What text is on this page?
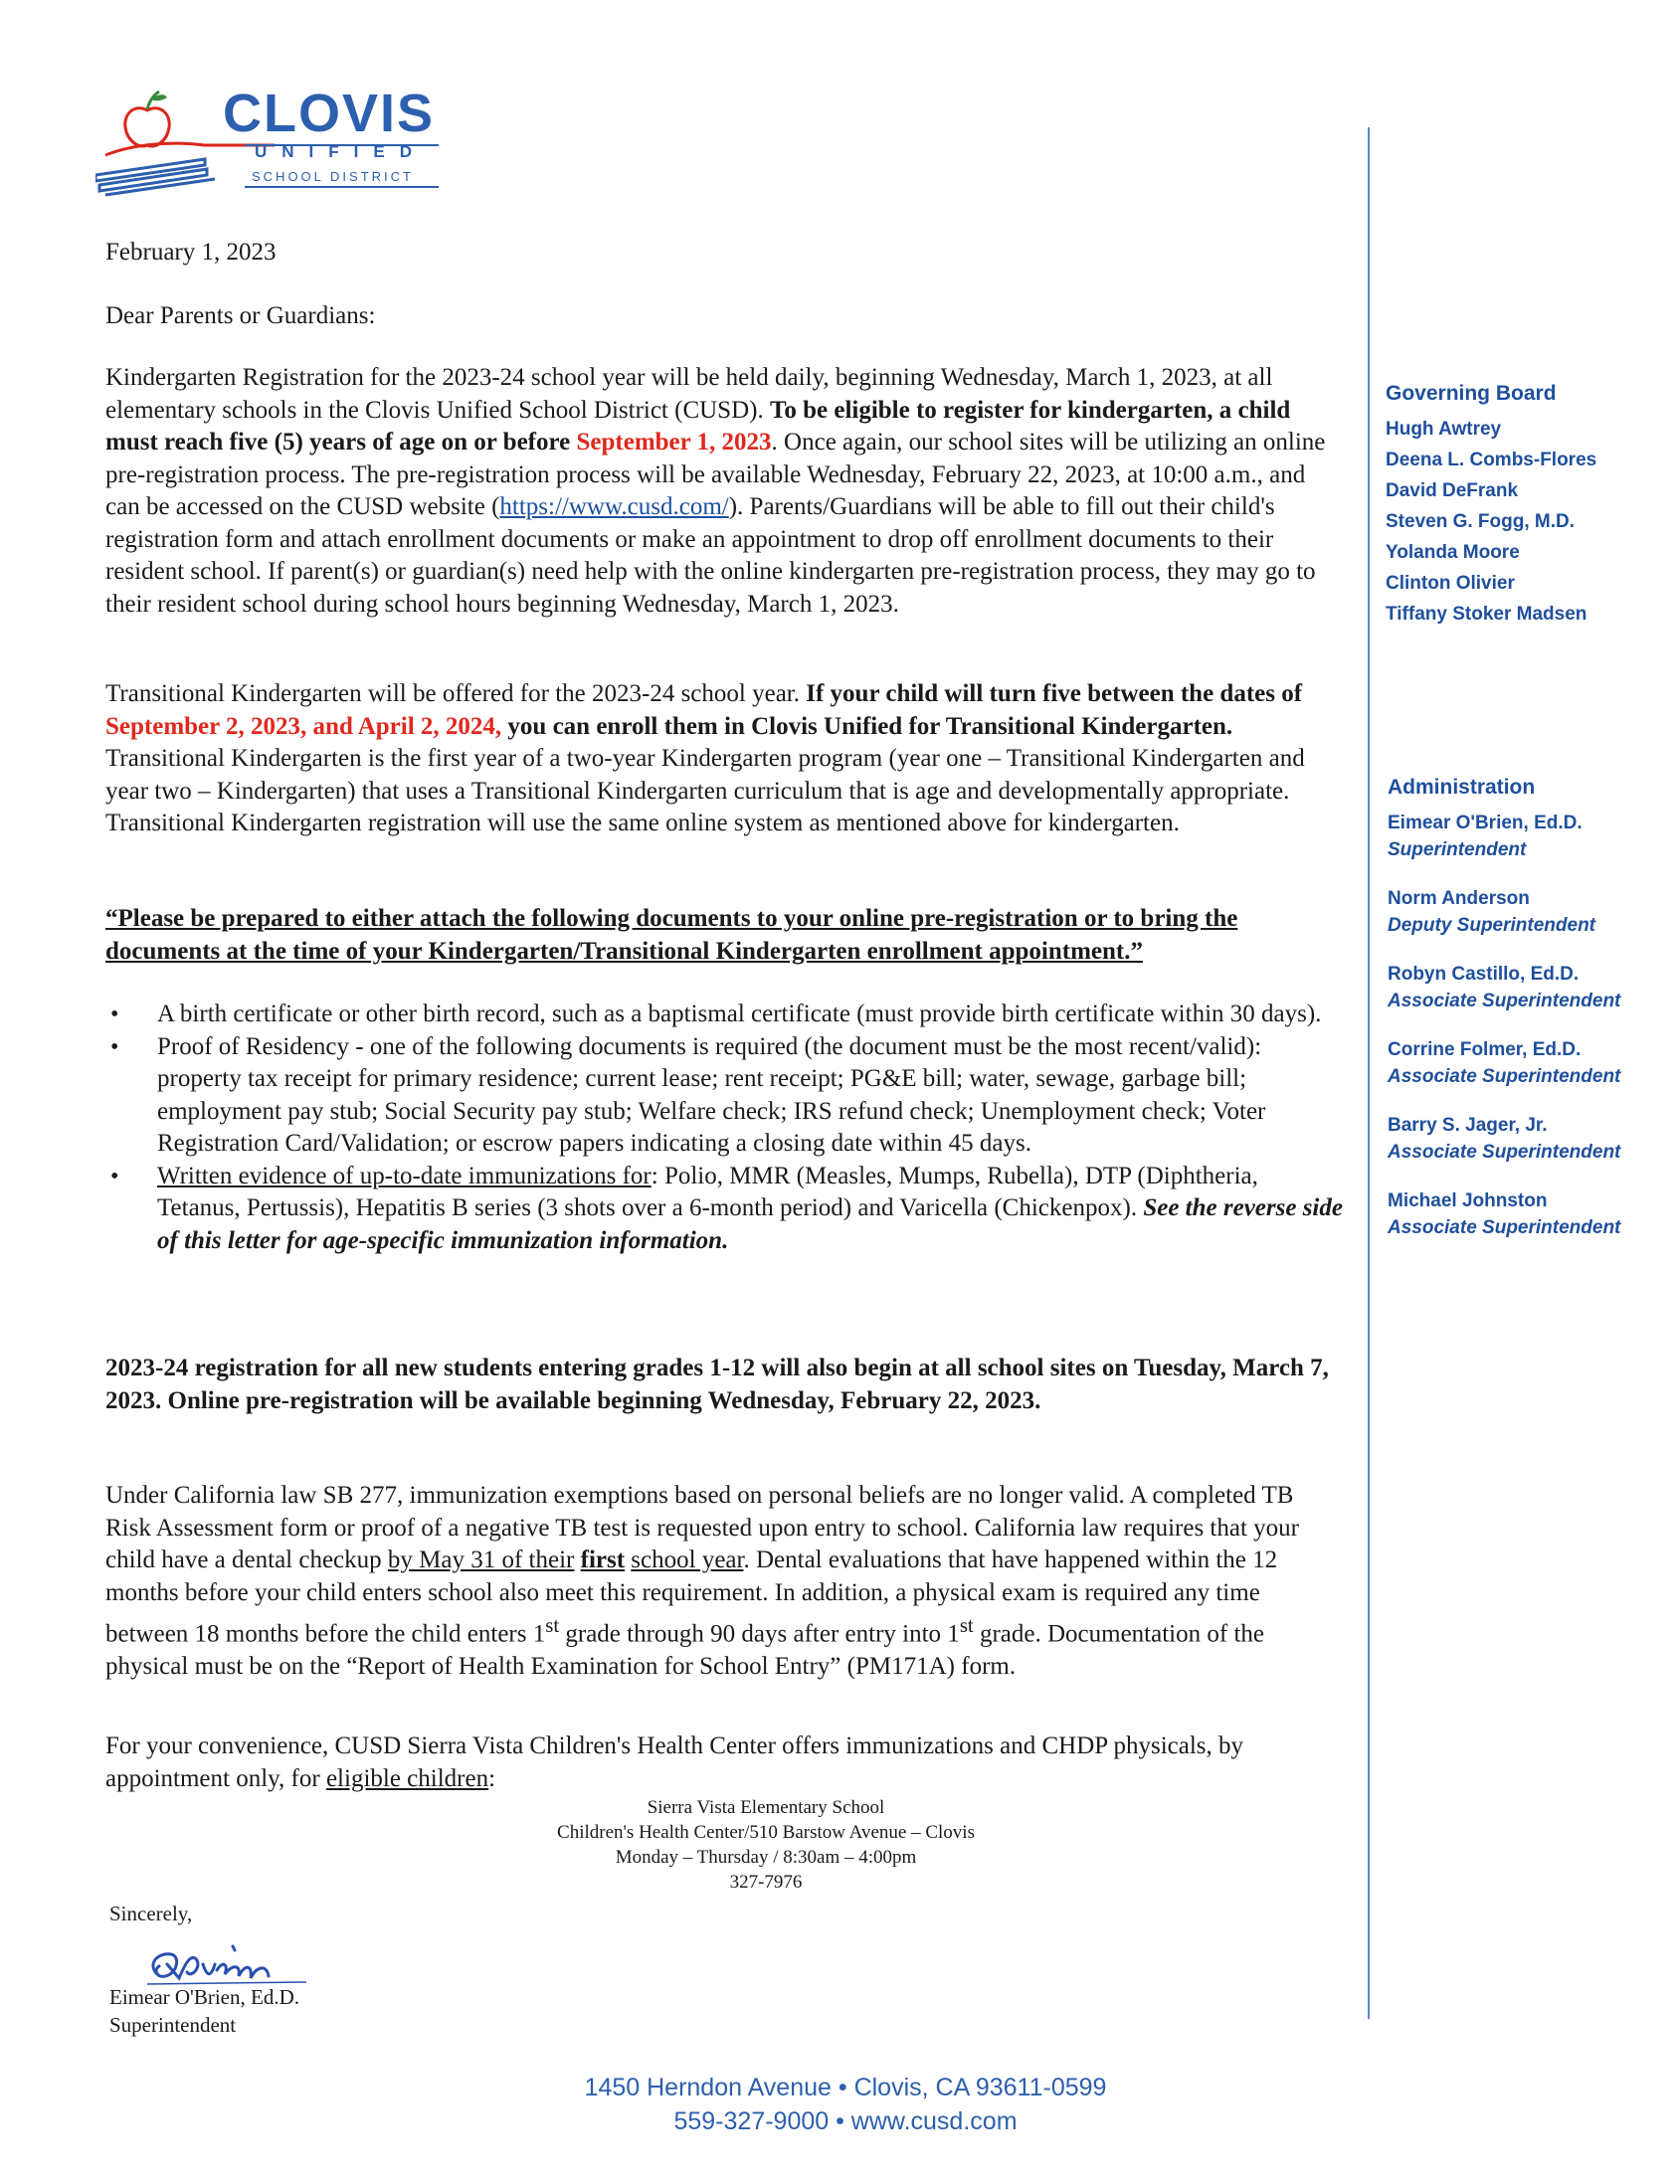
CLOVIS
UNIFIED
SCHOOL DISTRICT
February 1, 2023
Dear Parents or Guardians:
Kindergarten Registration for the 2023-24 school year will be held daily, beginning Wednesday, March 1, 2023, at all elementary schools in the Clovis Unified School District (CUSD). To be eligible to register for kindergarten, a child must reach five (5) years of age on or before September 1, 2023. Once again, our school sites will be utilizing an online pre-registration process. The pre-registration process will be available Wednesday, February 22, 2023, at 10:00 a.m., and can be accessed on the CUSD website (https://www.cusd.com/). Parents/Guardians will be able to fill out their child's registration form and attach enrollment documents or make an appointment to drop off enrollment documents to their resident school. If parent(s) or guardian(s) need help with the online kindergarten pre-registration process, they may go to their resident school during school hours beginning Wednesday, March 1, 2023.
Transitional Kindergarten will be offered for the 2023-24 school year. If your child will turn five between the dates of September 2, 2023, and April 2, 2024, you can enroll them in Clovis Unified for Transitional Kindergarten. Transitional Kindergarten is the first year of a two-year Kindergarten program (year one – Transitional Kindergarten and year two – Kindergarten) that uses a Transitional Kindergarten curriculum that is age and developmentally appropriate. Transitional Kindergarten registration will use the same online system as mentioned above for kindergarten.
“Please be prepared to either attach the following documents to your online pre-registration or to bring the documents at the time of your Kindergarten/Transitional Kindergarten enrollment appointment.”
• A birth certificate or other birth record, such as a baptismal certificate (must provide birth certificate within 30 days).
• Proof of Residency - one of the following documents is required (the document must be the most recent/valid): property tax receipt for primary residence; current lease; rent receipt; PG&E bill; water, sewage, garbage bill; employment pay stub; Social Security pay stub; Welfare check; IRS refund check; Unemployment check; Voter Registration Card/Validation; or escrow papers indicating a closing date within 45 days.
• Written evidence of up-to-date immunizations for: Polio, MMR (Measles, Mumps, Rubella), DTP (Diphtheria, Tetanus, Pertussis), Hepatitis B series (3 shots over a 6-month period) and Varicella (Chickenpox). See the reverse side of this letter for age-specific immunization information.
2023-24 registration for all new students entering grades 1-12 will also begin at all school sites on Tuesday, March 7, 2023. Online pre-registration will be available beginning Wednesday, February 22, 2023.
Under California law SB 277, immunization exemptions based on personal beliefs are no longer valid. A completed TB Risk Assessment form or proof of a negative TB test is requested upon entry to school. California law requires that your child have a dental checkup by May 31 of their first school year. Dental evaluations that have happened within the 12 months before your child enters school also meet this requirement. In addition, a physical exam is required any time between 18 months before the child enters 1st grade through 90 days after entry into 1st grade. Documentation of the physical must be on the “Report of Health Examination for School Entry” (PM171A) form.
For your convenience, CUSD Sierra Vista Children's Health Center offers immunizations and CHDP physicals, by appointment only, for eligible children:
Sierra Vista Elementary School
Children's Health Center/510 Barstow Avenue – Clovis
Monday – Thursday / 8:30am – 4:00pm
327-7976
Sincerely,
Eimear O'Brien, Ed.D.
Superintendent
Governing Board
Hugh Awtrey
Deena L. Combs-Flores
David DeFrank
Steven G. Fogg, M.D.
Yolanda Moore
Clinton Olivier
Tiffany Stoker Madsen
Administration
Eimear O'Brien, Ed.D.
Superintendent
Norm Anderson
Deputy Superintendent
Robyn Castillo, Ed.D.
Associate Superintendent
Corrine Folmer, Ed.D.
Associate Superintendent
Barry S. Jager, Jr.
Associate Superintendent
Michael Johnston
Associate Superintendent
1450 Herndon Avenue • Clovis, CA 93611-0599
559-327-9000 • www.cusd.com
